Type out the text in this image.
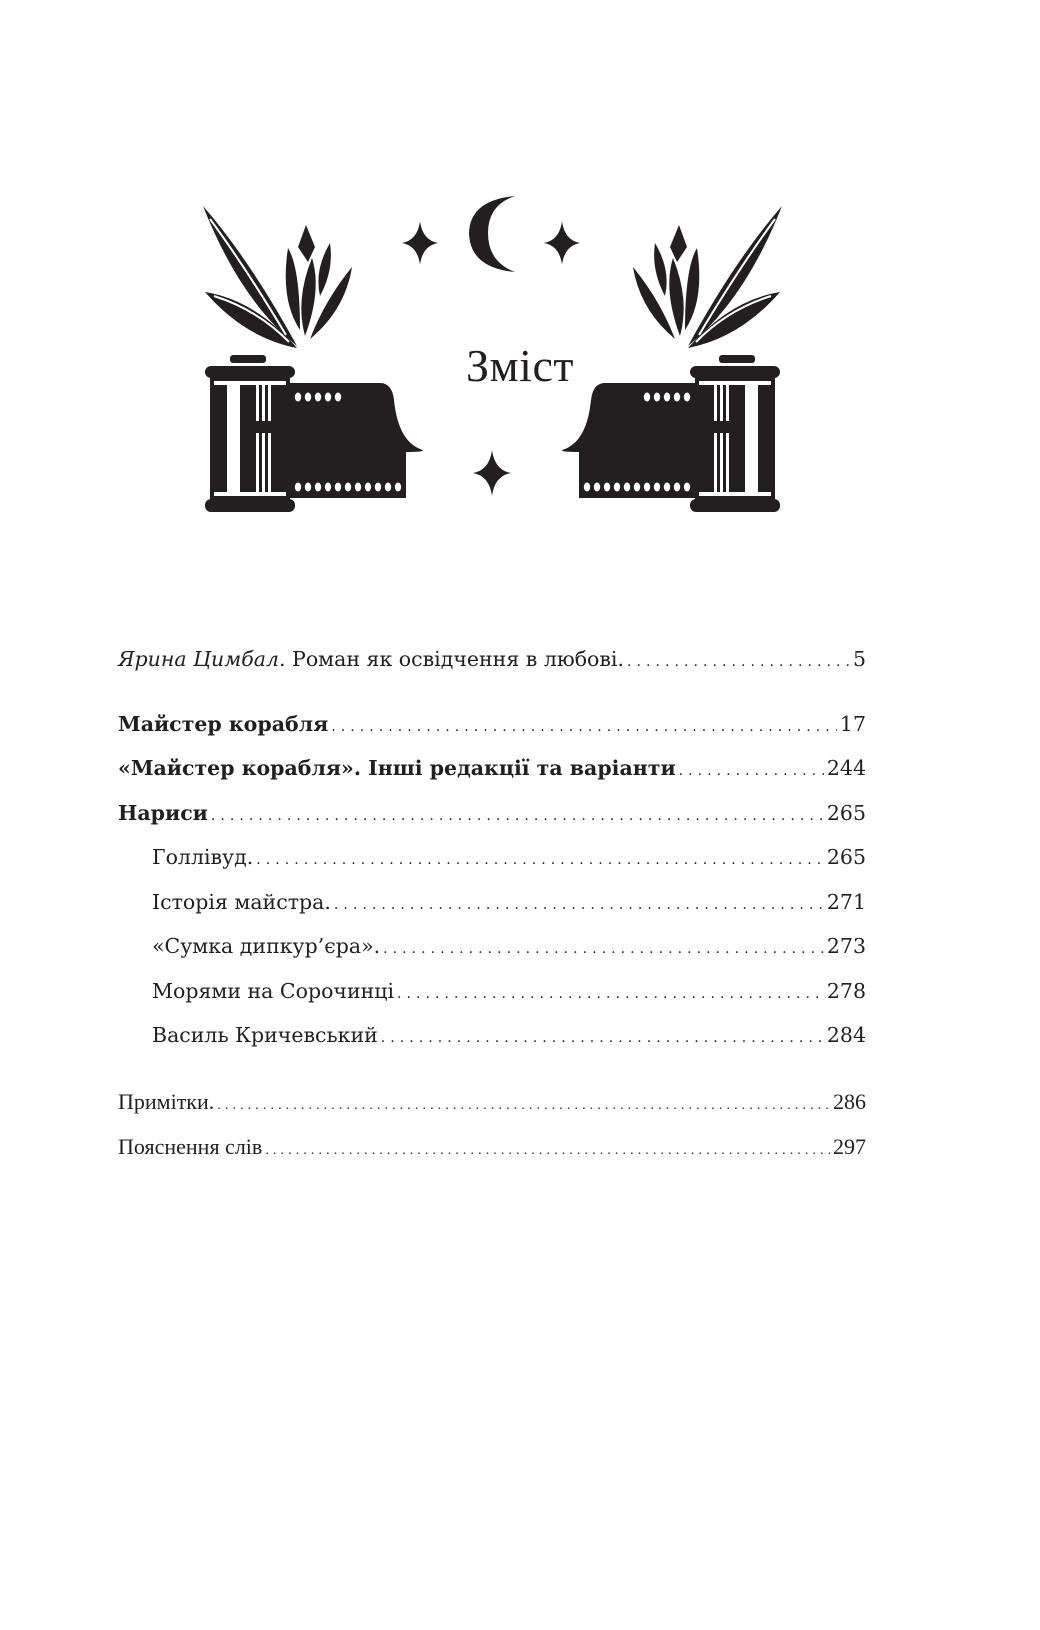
Зміст
Ярина Цимбал. Роман як освідчення в любові. . . .	5
Майстер корабля . . .	17
«Майстер корабля». Інші редакції та варіанти . . .	244
Нариси . . .	265
Голлівуд. . . .	265
Історія майстра. . . .	271
«Сумка дипкур’єра». . . .	273
Морями на Сорочинці . . .	278
Василь Кричевський . . .	284
Примітки. . . .	286
Пояснення слів . . .	297
